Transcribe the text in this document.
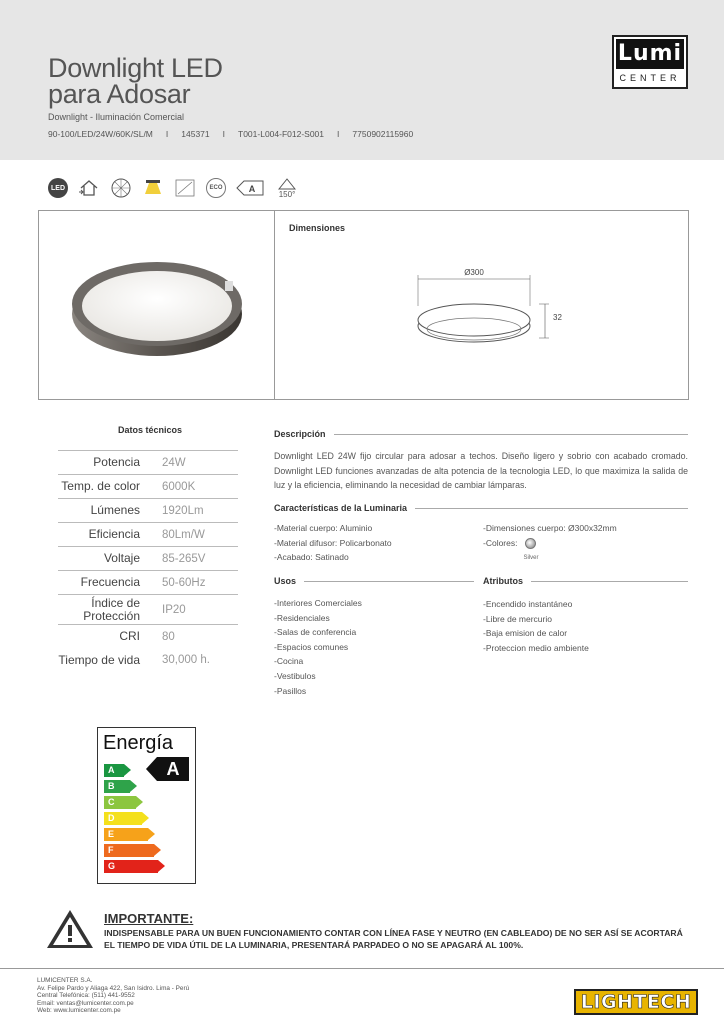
Downlight LED
para Adosar
Downlight - Iluminación Comercial
90-100/LED/24W/60K/SL/M I 145371 I T001-L004-F012-S001 I 7750902115960
Lumi
CENTER
LED	ECO	A	150°
Dimensiones
Ø300
32
Datos técnicos
Potencia	24W
Temp. de color	6000K
Lúmenes	1920Lm
Eficiencia	80Lm/W
Voltaje	85-265V
Frecuencia	50-60Hz
Índice de Protección	IP20
CRI	80
Tiempo de vida	30,000 h.
Descripción
Downlight LED 24W fijo circular para adosar a techos. Diseño ligero y sobrio con acabado cromado. Downlight LED funciones avanzadas de alta potencia de la tecnologia LED, lo que maximiza la salida de luz y la eficiencia, eliminando la necesidad de cambiar lámparas.
Características de la Luminaria
-Material cuerpo: Aluminio
-Material difusor: Policarbonato
-Acabado: Satinado
-Dimensiones cuerpo: Ø300x32mm
-Colores:
Silver
Usos
-Interiores Comerciales
-Residenciales
-Salas de conferencia
-Espacios comunes
-Cocina
-Vestibulos
-Pasillos
Atributos
-Encendido instantáneo
-Libre de mercurio
-Baja emision de calor
-Proteccion medio ambiente
Energía
A
B
C
D
E
F
G
A
IMPORTANTE:
INDISPENSABLE PARA UN BUEN FUNCIONAMIENTO CONTAR CON LÍNEA FASE Y NEUTRO (EN CABLEADO) DE NO SER ASÍ SE ACORTARÁ EL TIEMPO DE VIDA ÚTIL DE LA LUMINARIA, PRESENTARÁ PARPADEO O NO SE APAGARÁ AL 100%.
LUMICENTER S.A.
Av. Felipe Pardo y Aliaga 422, San Isidro. Lima - Perú
Central Telefónica: (511) 441-9552
Email: ventas@lumicenter.com.pe
Web: www.lumicenter.com.pe	LIGHTECH
